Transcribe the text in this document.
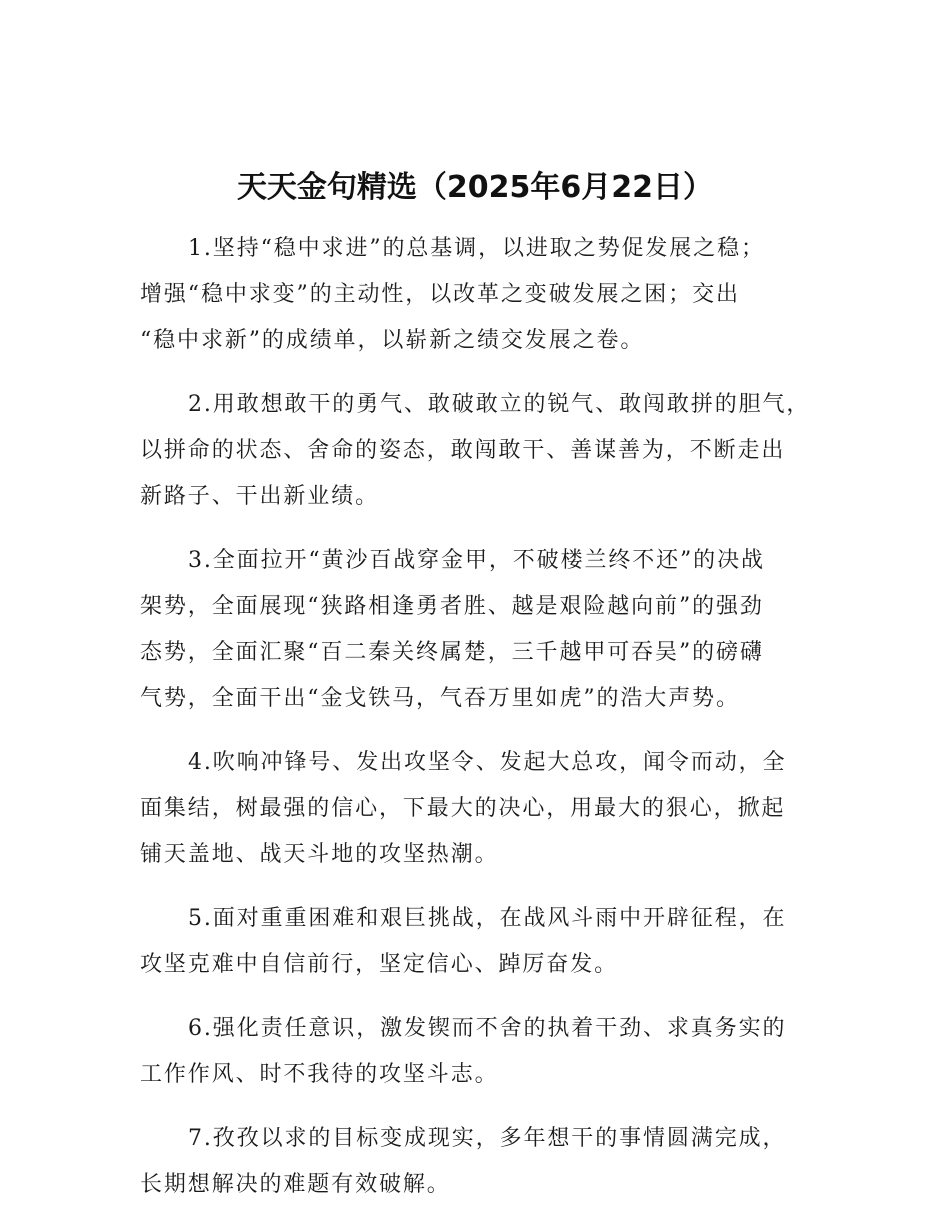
天天金句精选（2025年6月22日）

1.坚持“稳中求进”的总基调，以进取之势促发展之稳；
增强“稳中求变”的主动性，以改革之变破发展之困；交出
“稳中求新”的成绩单，以崭新之绩交发展之卷。

2.用敢想敢干的勇气、敢破敢立的锐气、敢闯敢拼的胆气，
以拼命的状态、舍命的姿态，敢闯敢干、善谋善为，不断走出
新路子、干出新业绩。

3.全面拉开“黄沙百战穿金甲，不破楼兰终不还”的决战
架势，全面展现“狭路相逢勇者胜、越是艰险越向前”的强劲
态势，全面汇聚“百二秦关终属楚，三千越甲可吞吴”的磅礴
气势，全面干出“金戈铁马，气吞万里如虎”的浩大声势。

4.吹响冲锋号、发出攻坚令、发起大总攻，闻令而动，全
面集结，树最强的信心，下最大的决心，用最大的狠心，掀起
铺天盖地、战天斗地的攻坚热潮。

5.面对重重困难和艰巨挑战，在战风斗雨中开辟征程，在
攻坚克难中自信前行，坚定信心、踔厉奋发。

6.强化责任意识，激发锲而不舍的执着干劲、求真务实的
工作作风、时不我待的攻坚斗志。

7.孜孜以求的目标变成现实，多年想干的事情圆满完成，
长期想解决的难题有效破解。
